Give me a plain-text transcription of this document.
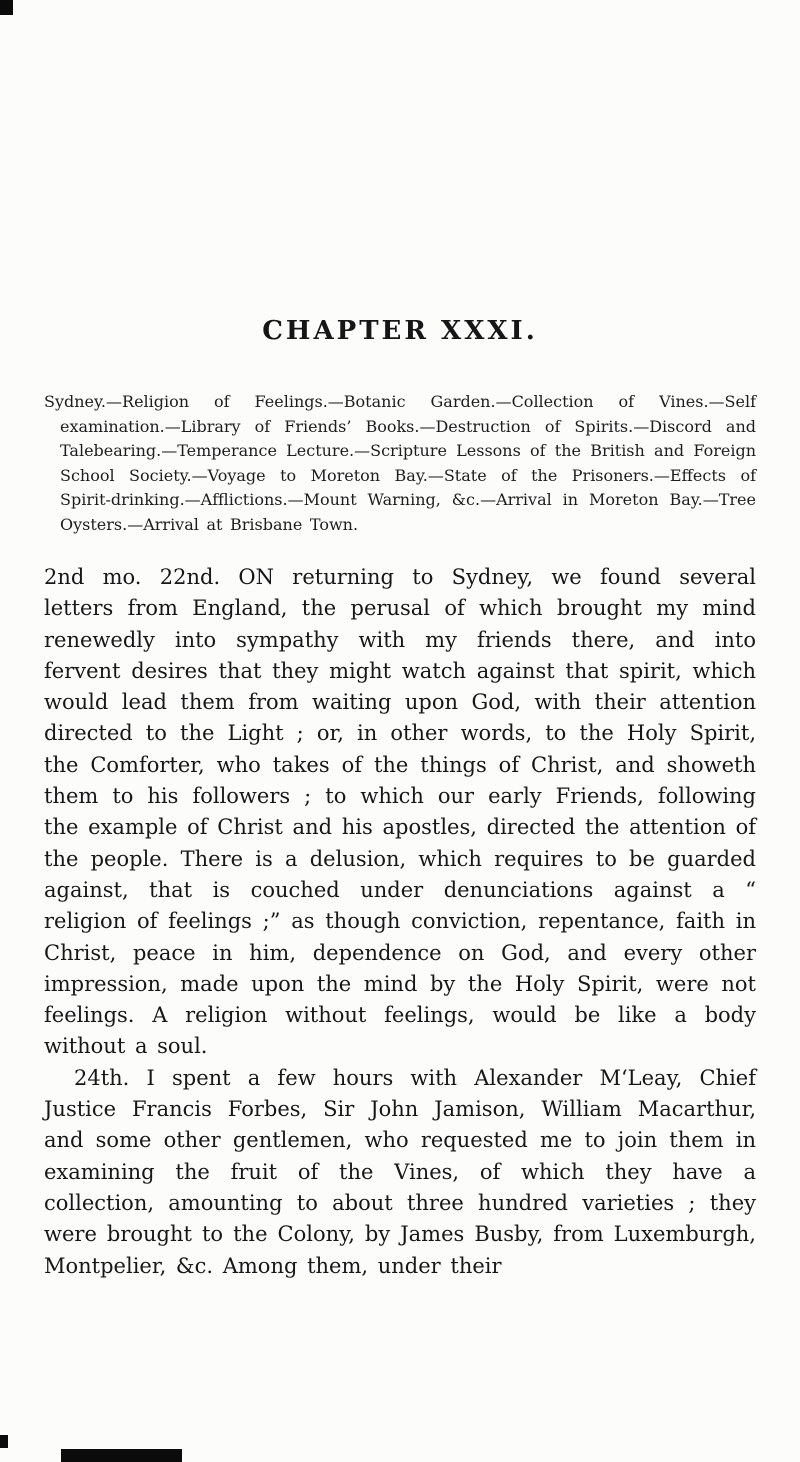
CHAPTER XXXI.
Sydney.—Religion of Feelings.—Botanic Garden.—Collection of Vines.—Self examination.—Library of Friends’ Books.—Destruction of Spirits.—Discord and Talebearing.—Temperance Lecture.—Scripture Lessons of the British and Foreign School Society.—Voyage to Moreton Bay.—State of the Prisoners.—Effects of Spirit-drinking.—Afflictions.—Mount Warning, &c.—Arrival in Moreton Bay.—Tree Oysters.—Arrival at Brisbane Town.

2nd mo. 22nd. ON returning to Sydney, we found several letters from England, the perusal of which brought my mind renewedly into sympathy with my friends there, and into fervent desires that they might watch against that spirit, which would lead them from waiting upon God, with their attention directed to the Light ; or, in other words, to the Holy Spirit, the Comforter, who takes of the things of Christ, and showeth them to his followers ; to which our early Friends, following the example of Christ and his apostles, directed the attention of the people. There is a delusion, which requires to be guarded against, that is couched under denunciations against a “ religion of feelings ;” as though conviction, repentance, faith in Christ, peace in him, dependence on God, and every other impression, made upon the mind by the Holy Spirit, were not feelings. A religion without feelings, would be like a body without a soul.

24th. I spent a few hours with Alexander M‘Leay, Chief Justice Francis Forbes, Sir John Jamison, William Macarthur, and some other gentlemen, who requested me to join them in examining the fruit of the Vines, of which they have a collection, amounting to about three hundred varieties ; they were brought to the Colony, by James Busby, from Luxemburgh, Montpelier, &c. Among them, under their
